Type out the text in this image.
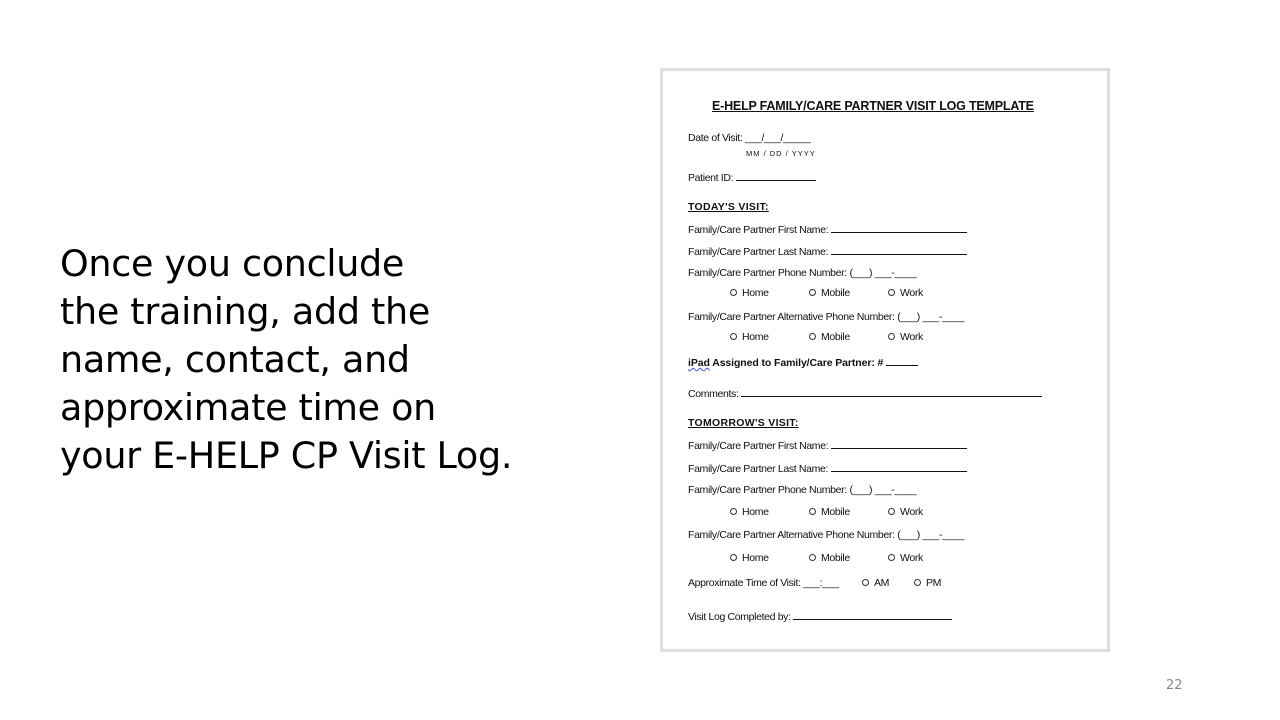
Once you conclude
the training, add the
name, contact, and
approximate time on
your E-HELP CP Visit Log.
E-HELP FAMILY/CARE PARTNER VISIT LOG TEMPLATE
Date of Visit: ___/___/_____
MM / DD / YYYY
Patient ID:
TODAY'S VISIT:
Family/Care Partner First Name:
Family/Care Partner Last Name:
Family/Care Partner Phone Number: (___) ___-____
Home	Mobile	Work
Family/Care Partner Alternative Phone Number: (___) ___-____
Home	Mobile	Work
iPad Assigned to Family/Care Partner: #
Comments:
TOMORROW'S VISIT:
Family/Care Partner First Name:
Family/Care Partner Last Name:
Family/Care Partner Phone Number: (___) ___-____
Home	Mobile	Work
Family/Care Partner Alternative Phone Number: (___) ___-____
Home	Mobile	Work
Approximate Time of Visit: ___:___	AM	PM
Visit Log Completed by:
22
